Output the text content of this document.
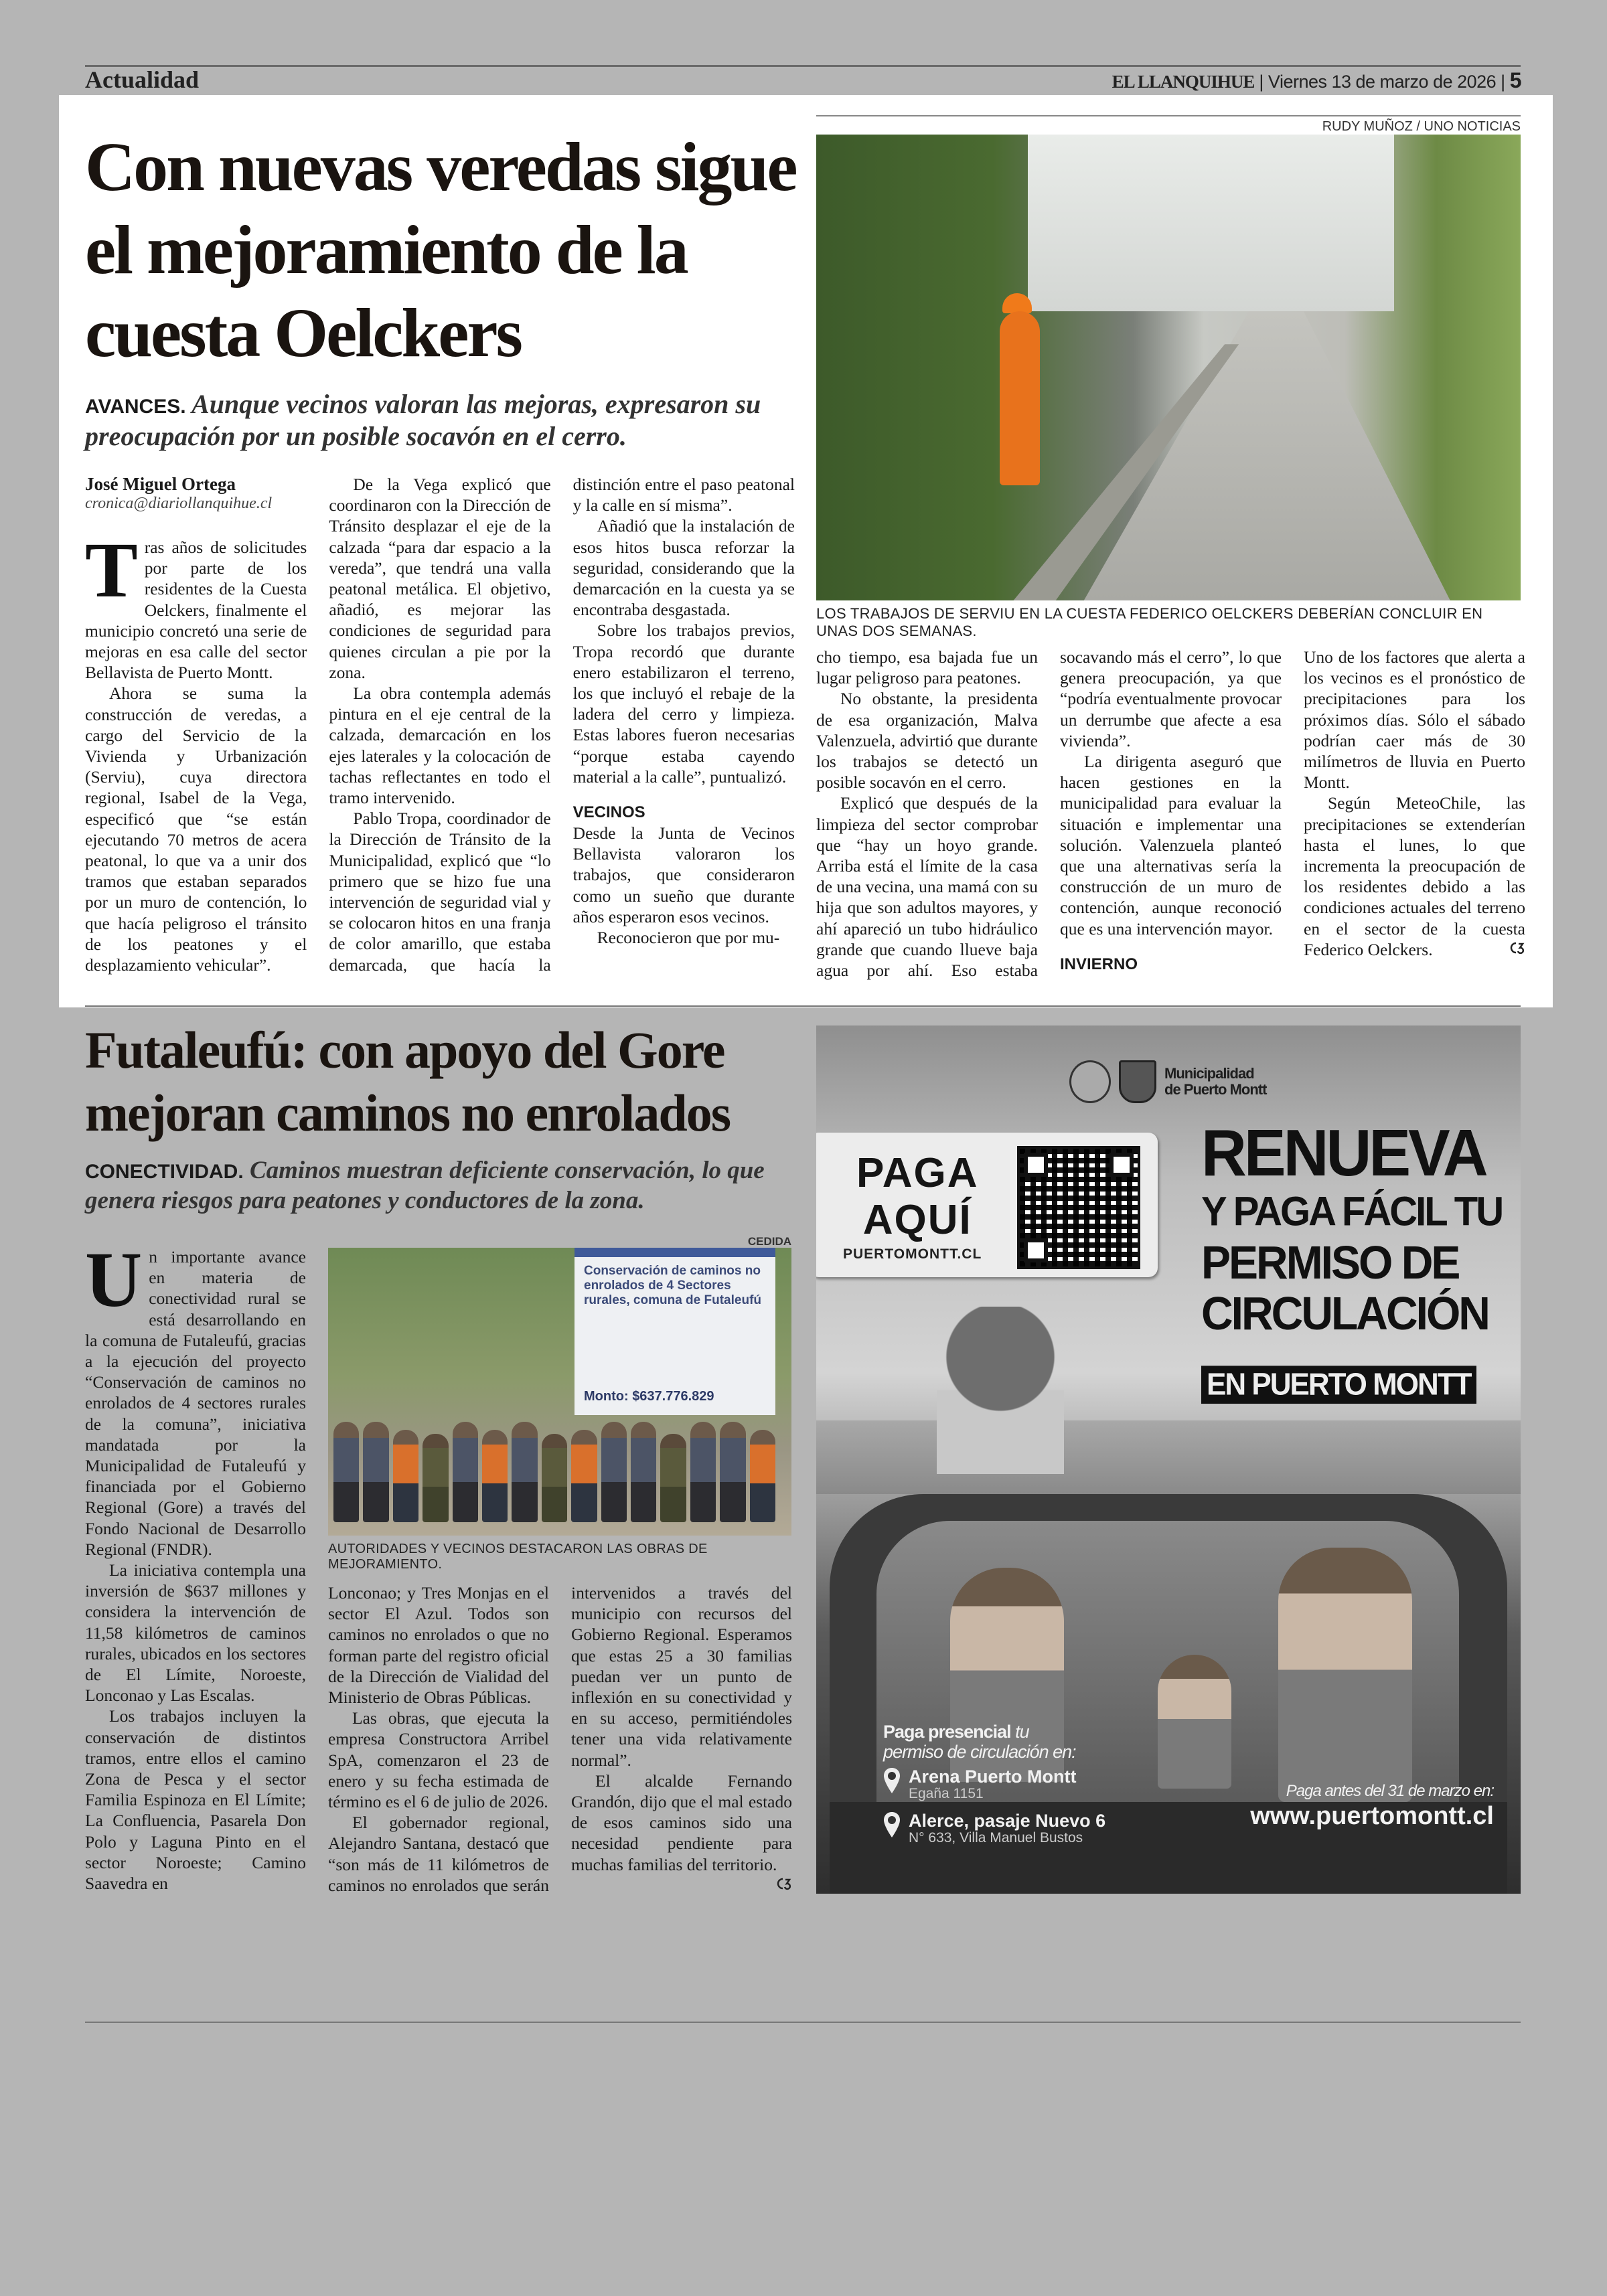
Actualidad	EL LLANQUIHUE | Viernes 13 de marzo de 2026 | 5
Con nuevas veredas sigue el mejoramiento de la cuesta Oelckers
AVANCES. Aunque vecinos valoran las mejoras, expresaron su preocupación por un posible socavón en el cerro.
RUDY MUÑOZ / UNO NOTICIAS
LOS TRABAJOS DE SERVIU EN LA CUESTA FEDERICO OELCKERS DEBERÍAN CONCLUIR EN UNAS DOS SEMANAS.
José Miguel Ortega
cronica@diariollanquihue.cl

Tras años de solicitudes por parte de los residentes de la Cuesta Oelckers, finalmente el municipio concretó una serie de mejoras en esa calle del sector Bellavista de Puerto Montt.

Ahora se suma la construcción de veredas, a cargo del Servicio de la Vivienda y Urbanización (Serviu), cuya directora regional, Isabel de la Vega, especificó que “se están ejecutando 70 metros de acera peatonal, lo que va a unir dos tramos que estaban separados por un muro de contención, lo que hacía peligroso el tránsito de los peatones y el desplazamiento vehicular”.

De la Vega explicó que coordinaron con la Dirección de Tránsito desplazar el eje de la calzada “para dar espacio a la vereda”, que tendrá una valla peatonal metálica. El objetivo, añadió, es mejorar las condiciones de seguridad para quienes circulan a pie por la zona.

La obra contempla además pintura en el eje central de la calzada, demarcación en los ejes laterales y la colocación de tachas reflectantes en todo el tramo intervenido.

Pablo Tropa, coordinador de la Dirección de Tránsito de la Municipalidad, explicó que “lo primero que se hizo fue una intervención de seguridad vial y se colocaron hitos en una franja de color amarillo, que estaba demarcada, que hacía la distinción entre el paso peatonal y la calle en sí misma”.

Añadió que la instalación de esos hitos busca reforzar la seguridad, considerando que la demarcación en la cuesta ya se encontraba desgastada.

Sobre los trabajos previos, Tropa recordó que durante enero estabilizaron el terreno, los que incluyó el rebaje de la ladera del cerro y limpieza. Estas labores fueron necesarias “porque estaba cayendo material a la calle”, puntualizó.

VECINOS

Desde la Junta de Vecinos Bellavista valoraron los trabajos, que consideraron como un sueño que durante años esperaron esos vecinos.

Reconocieron que por mu-

cho tiempo, esa bajada fue un lugar peligroso para peatones.

No obstante, la presidenta de esa organización, Malva Valenzuela, advirtió que durante los trabajos se detectó un posible socavón en el cerro.

Explicó que después de la limpieza del sector comprobar que “hay un hoyo grande. Arriba está el límite de la casa de una vecina, una mamá con su hija que son adultos mayores, y ahí apareció un tubo hidráulico grande que cuando llueve baja agua por ahí. Eso estaba socavando más el cerro”, lo que genera preocupación, ya que “podría eventualmente provocar un derrumbe que afecte a esa vivienda”.

La dirigenta aseguró que hacen gestiones en la municipalidad para evaluar la situación e implementar una solución. Valenzuela planteó que una alternativas sería la construcción de un muro de contención, aunque reconoció que es una intervención mayor.

INVIERNO

Uno de los factores que alerta a los vecinos es el pronóstico de precipitaciones para los próximos días. Sólo el sábado podrían caer más de 30 milímetros de lluvia en Puerto Montt.

Según MeteoChile, las precipitaciones se extenderían hasta el lunes, lo que incrementa la preocupación de los residentes debido a las condiciones actuales del terreno en el sector de la cuesta Federico Oelckers.

Futaleufú: con apoyo del Gore mejoran caminos no enrolados
CONECTIVIDAD. Caminos muestran deficiente conservación, lo que genera riesgos para peatones y conductores de la zona.
CEDIDA
Conservación de caminos no enrolados de 4 Sectores rurales, comuna de Futaleufú
Monto: $637.776.829
AUTORIDADES Y VECINOS DESTACARON LAS OBRAS DE MEJORAMIENTO.

Un importante avance en materia de conectividad rural se está desarrollando en la comuna de Futaleufú, gracias a la ejecución del proyecto “Conservación de caminos no enrolados de 4 sectores rurales de la comuna”, iniciativa mandatada por la Municipalidad de Futaleufú y financiada por el Gobierno Regional (Gore) a través del Fondo Nacional de Desarrollo Regional (FNDR).

La iniciativa contempla una inversión de $637 millones y considera la intervención de 11,58 kilómetros de caminos rurales, ubicados en los sectores de El Límite, Noroeste, Lonconao y Las Escalas.

Los trabajos incluyen la conservación de distintos tramos, entre ellos el camino Zona de Pesca y el sector Familia Espinoza en El Límite; La Confluencia, Pasarela Don Polo y Laguna Pinto en el sector Noroeste; Camino Saavedra en

Lonconao; y Tres Monjas en el sector El Azul. Todos son caminos no enrolados o que no forman parte del registro oficial de la Dirección de Vialidad del Ministerio de Obras Públicas.

Las obras, que ejecuta la empresa Constructora Arribel SpA, comenzaron el 23 de enero y su fecha estimada de término es el 6 de julio de 2026.

El gobernador regional, Alejandro Santana, destacó que “son más de 11 kilómetros de caminos no enrolados que serán intervenidos a través del municipio con recursos del Gobierno Regional. Esperamos que estas 25 a 30 familias puedan ver un punto de inflexión en su conectividad y en su acceso, permitiéndoles tener una vida relativamente normal”.

El alcalde Fernando Grandón, dijo que el mal estado de esos caminos sido una necesidad pendiente para muchas familias del territorio.

Municipalidad
de Puerto Montt
PAGA
AQUÍ
PUERTOMONTT.CL
RENUEVA
Y PAGA FÁCIL TU
PERMISO DE
CIRCULACIÓN
EN PUERTO MONTT
Paga presencial tu
permiso de circulación en:
Arena Puerto Montt
Egaña 1151
Alerce, pasaje Nuevo 6
N° 633, Villa Manuel Bustos
Paga antes del 31 de marzo en:
www.puertomontt.cl
